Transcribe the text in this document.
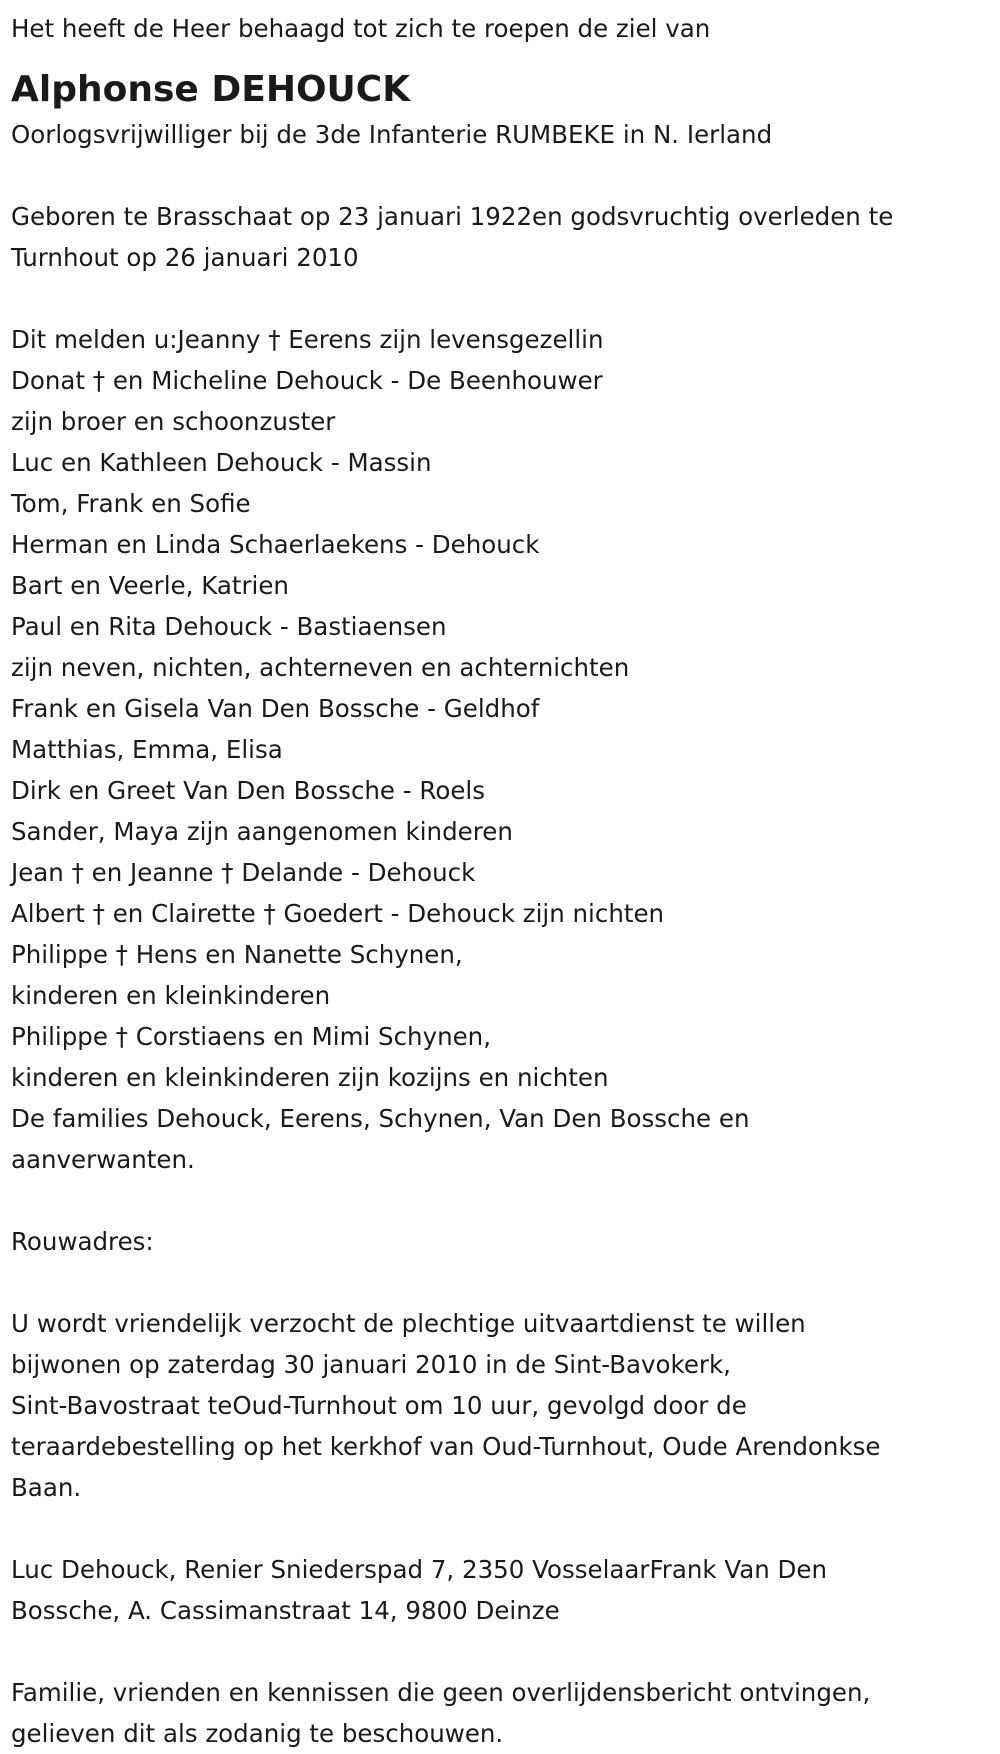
Het heeft de Heer behaagd tot zich te roepen de ziel van
Alphonse DEHOUCK
Oorlogsvrijwilliger bij de 3de Infanterie RUMBEKE in N. Ierland
Geboren te Brasschaat op 23 januari 1922en godsvruchtig overleden te
Turnhout op 26 januari 2010
Dit melden u:Jeanny † Eerens zijn levensgezellin
Donat † en Micheline Dehouck - De Beenhouwer
zijn broer en schoonzuster
Luc en Kathleen Dehouck - Massin
Tom, Frank en Sofie
Herman en Linda Schaerlaekens - Dehouck
Bart en Veerle, Katrien
Paul en Rita Dehouck - Bastiaensen
zijn neven, nichten, achterneven en achternichten
Frank en Gisela Van Den Bossche - Geldhof
Matthias, Emma, Elisa
Dirk en Greet Van Den Bossche - Roels
Sander, Maya zijn aangenomen kinderen
Jean † en Jeanne † Delande - Dehouck
Albert † en Clairette † Goedert - Dehouck zijn nichten
Philippe † Hens en Nanette Schynen,
kinderen en kleinkinderen
Philippe † Corstiaens en Mimi Schynen,
kinderen en kleinkinderen zijn kozijns en nichten
De families Dehouck, Eerens, Schynen, Van Den Bossche en
aanverwanten.
Rouwadres:
U wordt vriendelijk verzocht de plechtige uitvaartdienst te willen
bijwonen op zaterdag 30 januari 2010 in de Sint-Bavokerk,
Sint-Bavostraat teOud-Turnhout om 10 uur, gevolgd door de
teraardebestelling op het kerkhof van Oud-Turnhout, Oude Arendonkse
Baan.
Luc Dehouck, Renier Sniederspad 7, 2350 VosselaarFrank Van Den
Bossche, A. Cassimanstraat 14, 9800 Deinze
Familie, vrienden en kennissen die geen overlijdensbericht ontvingen,
gelieven dit als zodanig te beschouwen.
